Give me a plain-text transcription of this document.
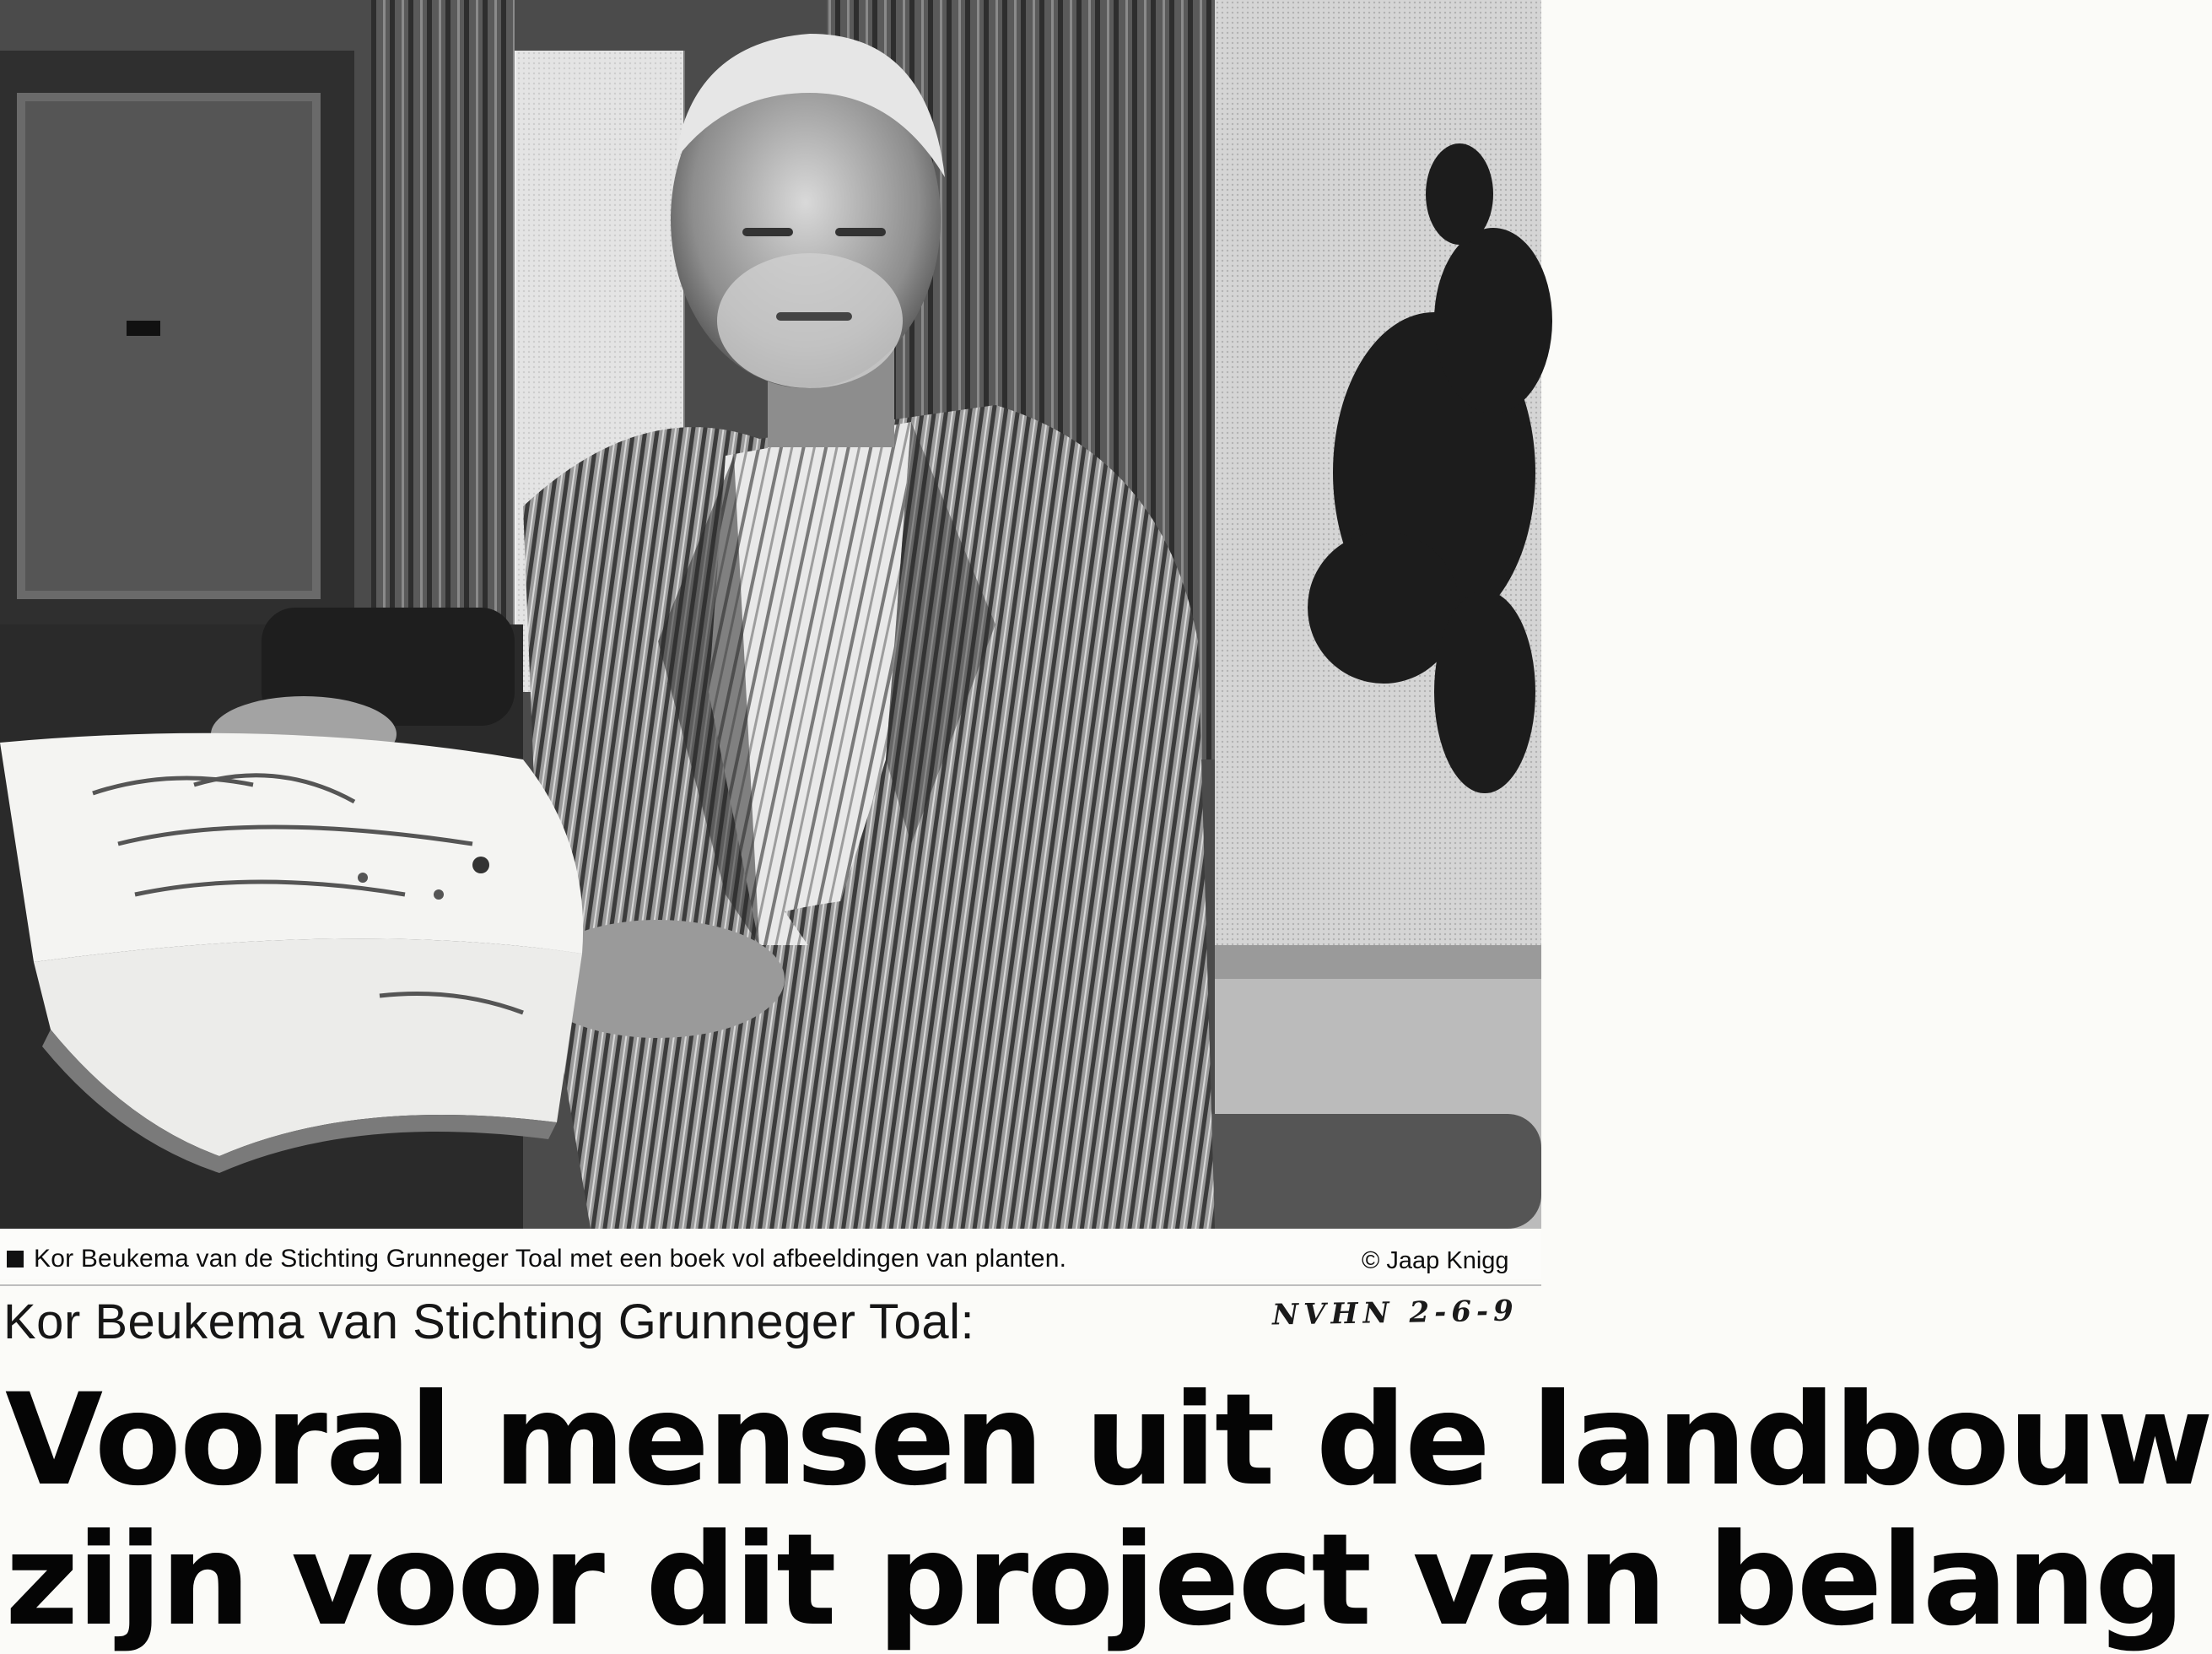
Kor Beukema van de Stichting Grunneger Toal met een boek vol afbeeldingen van planten.	© Jaap Knigg
Kor Beukema van Stichting Grunneger Toal:	NVHN 2-6-9
Vooral mensen uit de landbouw
zijn voor dit project van belang
